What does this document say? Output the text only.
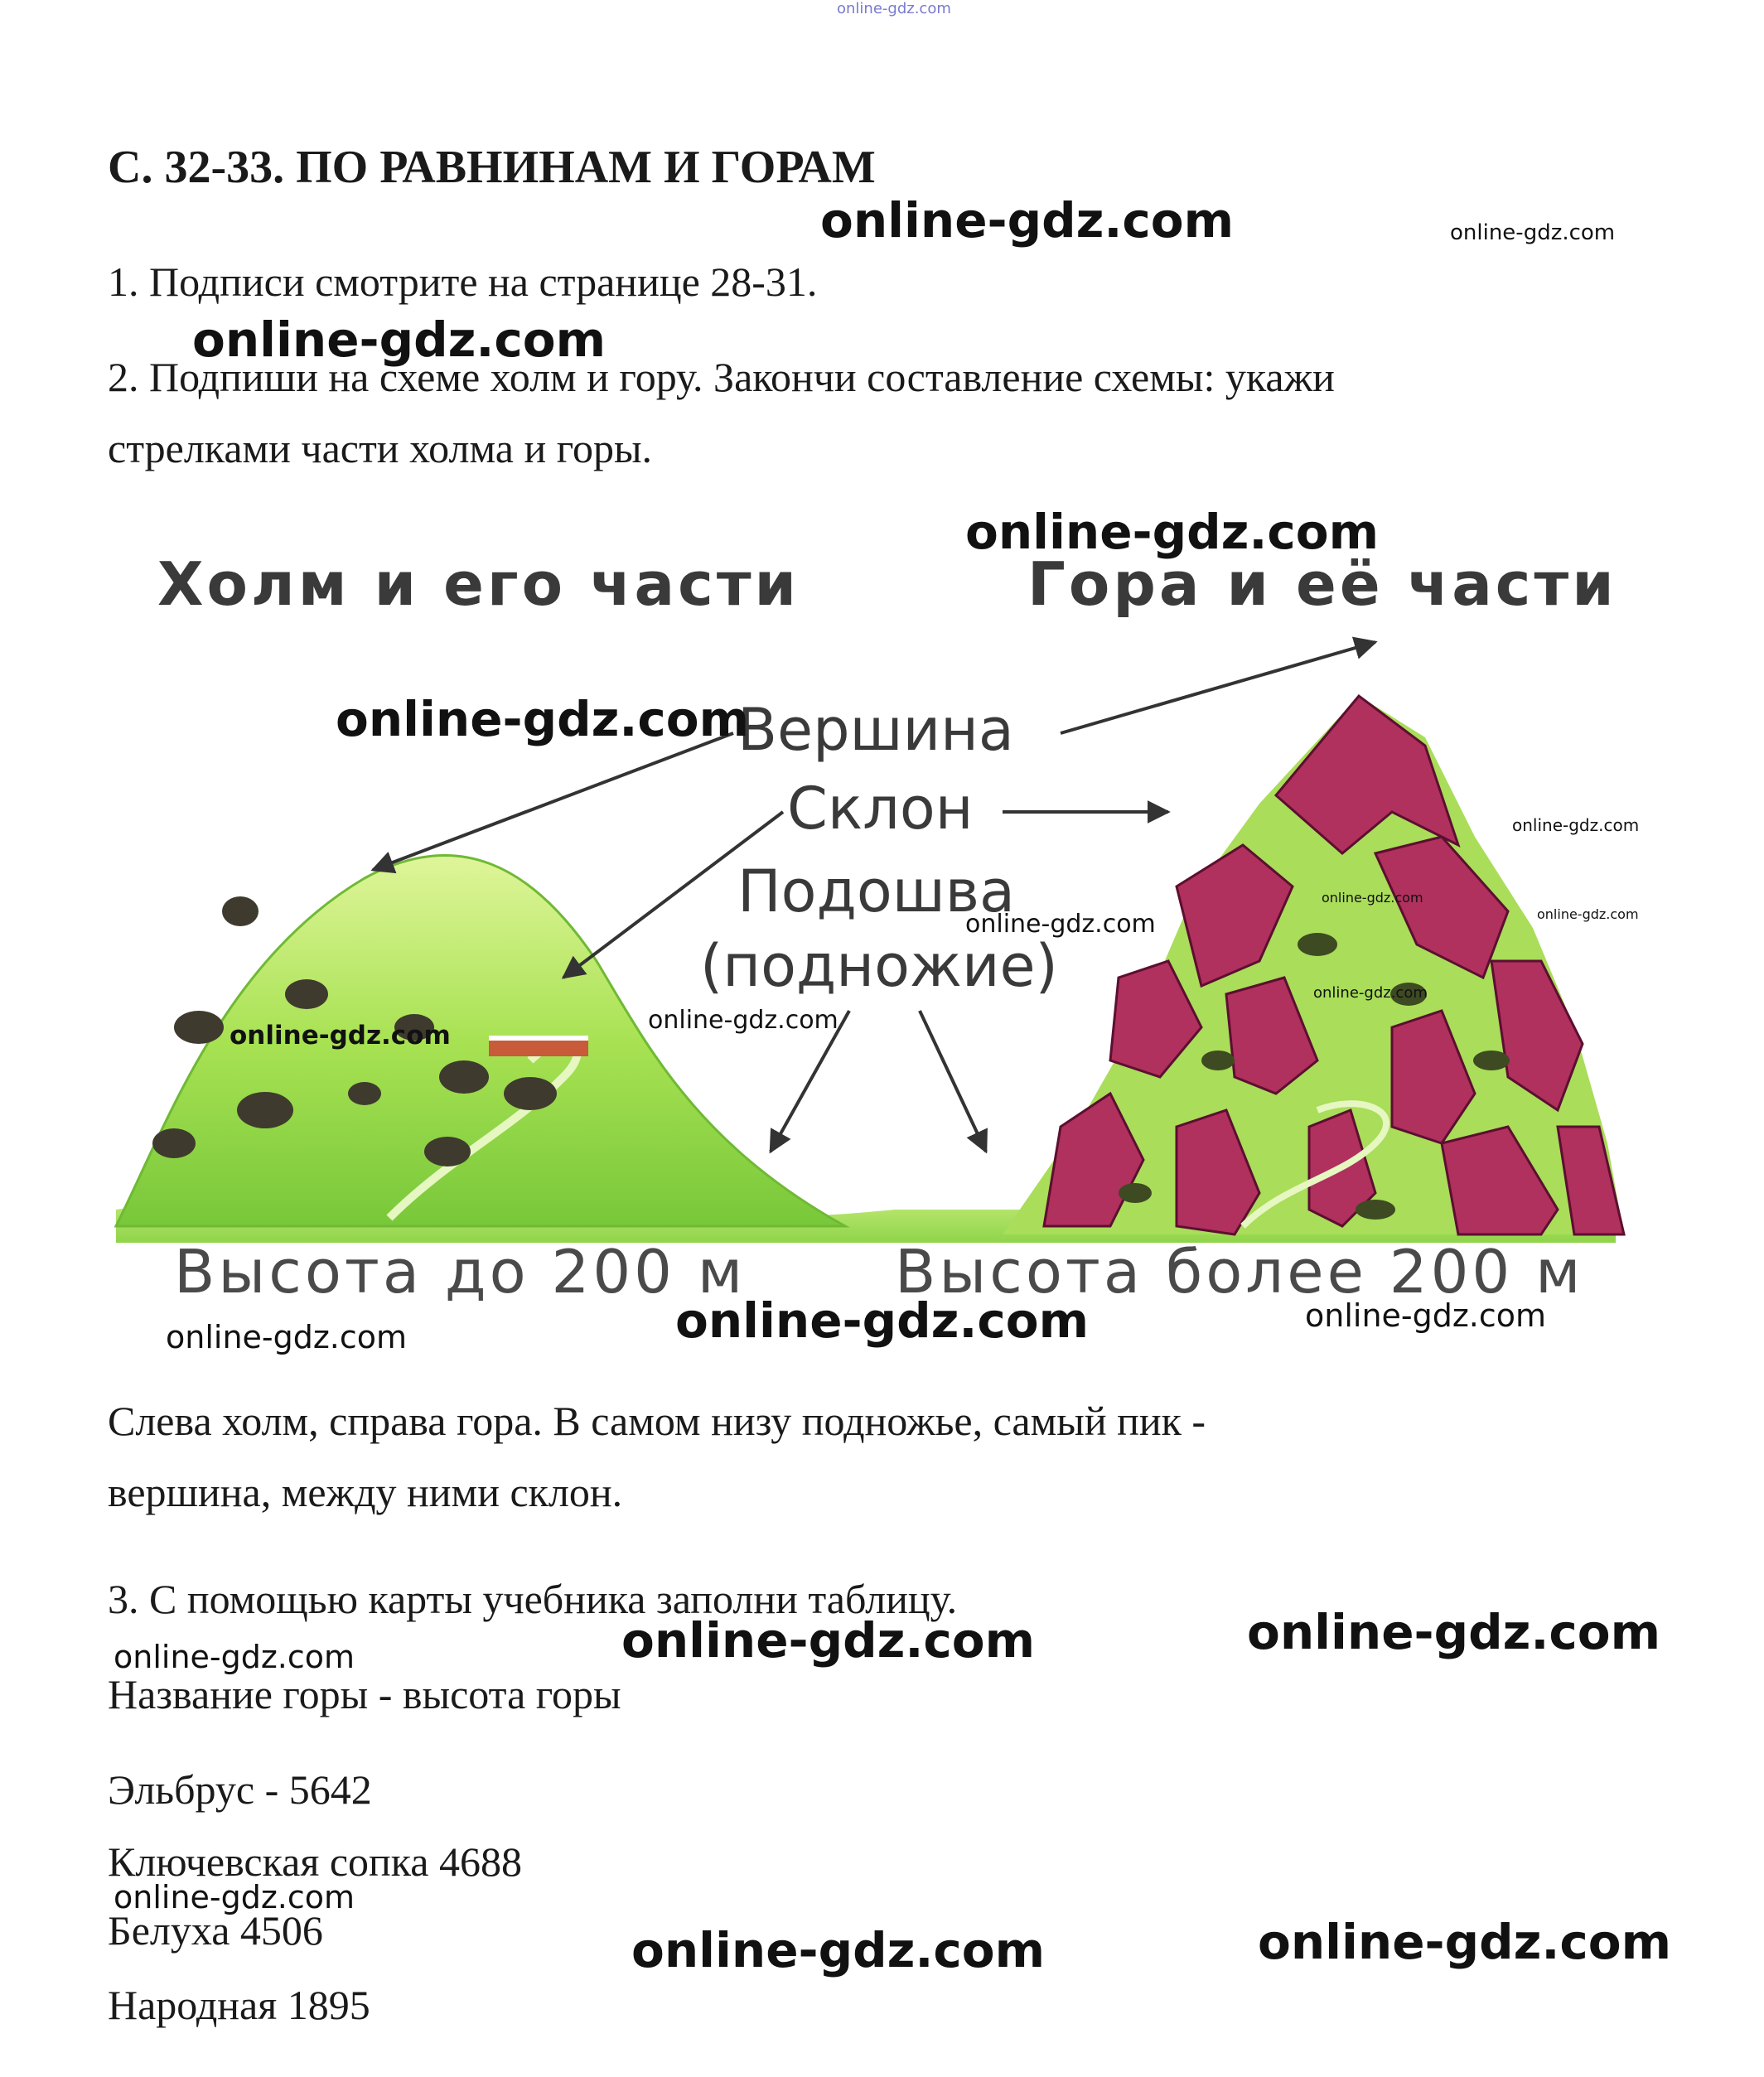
online-gdz.com
С. 32-33. ПО РАВНИНАМ И ГОРАМ
online-gdz.com	online-gdz.com
1. Подписи смотрите на странице 28-31.
online-gdz.com
2. Подпиши на схеме холм и гору. Закончи составление схемы: укажи
стрелками части холма и горы.
Холм и его части	Гора и её части
Вершина
Склон
Подошва
(подножие)
Высота до 200 м Высота более 200 м
online-gdz.com
online-gdz.com
online-gdz.com
online-gdz.com
online-gdz.com
online-gdz.com
online-gdz.com
online-gdz.com
online-gdz.com
online-gdz.com
online-gdz.com
online-gdz.com
Слева холм, справа гора. В самом низу подножье, самый пик -
вершина, между ними склон.
3. С помощью карты учебника заполни таблицу.
online-gdz.com	online-gdz.com
online-gdz.com
Название горы - высота горы
Эльбрус - 5642
Ключевская сопка 4688
online-gdz.com
Белуха 4506	online-gdz.com	online-gdz.com
Народная 1895
